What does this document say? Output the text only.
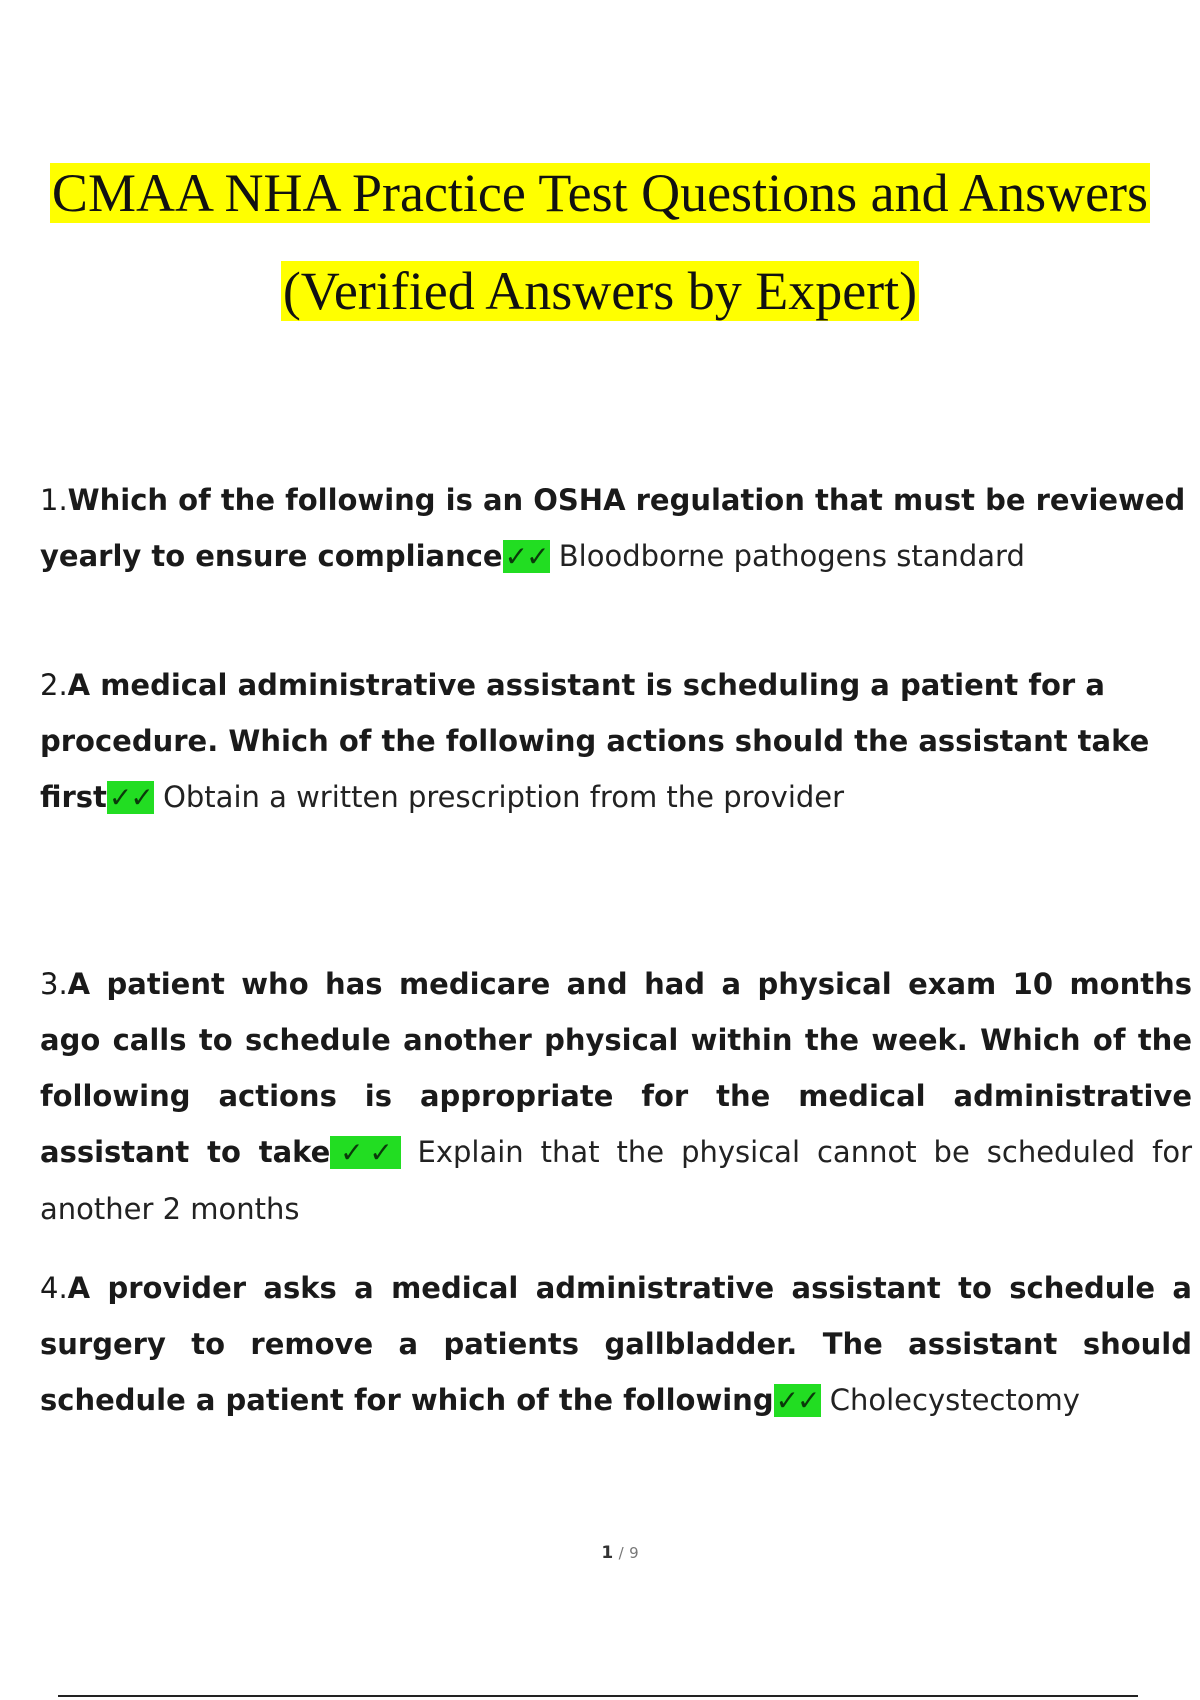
CMAA NHA Practice Test Questions and Answers
(Verified Answers by Expert)
1.Which of the following is an OSHA regulation that must be reviewed yearly to ensure compliance✓✓ Bloodborne pathogens standard
2.A medical administrative assistant is scheduling a patient for a procedure. Which of the following actions should the assistant take first✓✓ Obtain a written prescription from the provider
3.A patient who has medicare and had a physical exam 10 months ago calls to schedule another physical within the week. Which of the following actions is appropriate for the medical administrative assistant to take✓✓ Explain that the physical cannot be scheduled for another 2 months
4.A provider asks a medical administrative assistant to schedule a surgery to remove a patients gallbladder. The assistant should schedule a patient for which of the following✓✓ Cholecystectomy
1 / 9
